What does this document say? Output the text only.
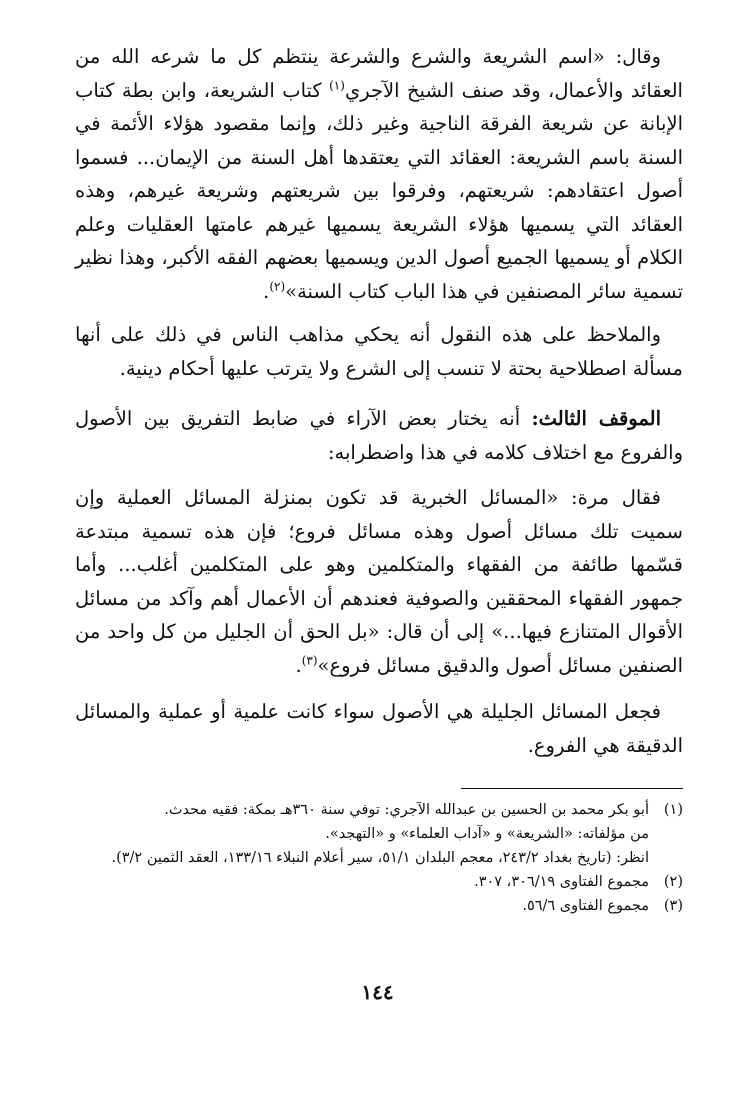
وقال: «اسم الشريعة والشرع والشرعة ينتظم كل ما شرعه الله من العقائد والأعمال، وقد صنف الشيخ الآجري$^{(١)}$ كتاب الشريعة، وابن بطة كتاب الإبانة عن شريعة الفرقة الناجية وغير ذلك، وإنما مقصود هؤلاء الأئمة في السنة باسم الشريعة: العقائد التي يعتقدها أهل السنة من الإيمان... فسموا أصول اعتقادهم: شريعتهم، وفرقوا بين شريعتهم وشريعة غيرهم، وهذه العقائد التي يسميها هؤلاء الشريعة يسميها غيرهم عامتها العقليات وعلم الكلام أو يسميها الجميع أصول الدين ويسميها بعضهم الفقه الأكبر، وهذا نظير تسمية سائر المصنفين في هذا الباب كتاب السنة»$^{(٢)}$.

والملاحظ على هذه النقول أنه يحكي مذاهب الناس في ذلك على أنها مسألة اصطلاحية بحتة لا تنسب إلى الشرع ولا يترتب عليها أحكام دينية.

الموقف الثالث: أنه يختار بعض الآراء في ضابط التفريق بين الأصول والفروع مع اختلاف كلامه في هذا واضطرابه:

فقال مرة: «المسائل الخبرية قد تكون بمنزلة المسائل العملية وإن سميت تلك مسائل أصول وهذه مسائل فروع؛ فإن هذه تسمية مبتدعة قسّمها طائفة من الفقهاء والمتكلمين وهو على المتكلمين أغلب... وأما جمهور الفقهاء المحققين والصوفية فعندهم أن الأعمال أهم وآكد من مسائل الأقوال المتنازع فيها...» إلى أن قال: «بل الحق أن الجليل من كل واحد من الصنفين مسائل أصول والدقيق مسائل فروع»$^{(٣)}$.

فجعل المسائل الجليلة هي الأصول سواء كانت علمية أو عملية والمسائل الدقيقة هي الفروع.

(١)أبو بكر محمد بن الحسين بن عبدالله الآجري: توفي سنة ٣٦٠هـ بمكة: فقيه محدث.
من مؤلفاته: «الشريعة» و «آداب العلماء» و «التهجد».
انظر: (تاريخ بغداد ٢٤٣/٢، معجم البلدان ٥١/١، سير أعلام النبلاء ١٣٣/١٦، العقد الثمين ٣/٢).
(٢)مجموع الفتاوى ٣٠٦/١٩، ٣٠٧.
(٣)مجموع الفتاوى ٥٦/٦.
١٤٤
